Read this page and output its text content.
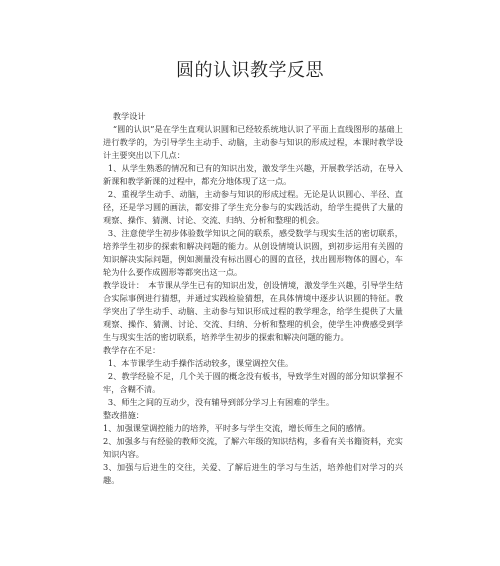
圆的认识教学反思

教学设计

“圆的认识”是在学生直观认识圆和已经较系统地认识了平面上直线图形的基础上进行教学的，为引导学生主动手、动脑，主动参与知识的形成过程，本课时教学设计主要突出以下几点：

1、从学生熟悉的情况和已有的知识出发，激发学生兴趣，开展教学活动，在导入新课和教学新课的过程中，都充分地体现了这一点。

2、重视学生动手、动脑，主动参与知识的形成过程。无论是认识圆心、半径、直径，还是学习圆的画法，都安排了学生充分参与的实践活动，给学生提供了大量的观察、操作、猜测、讨论、交流、归纳、分析和整理的机会。

3、注意使学生初步体验数学知识之间的联系，感受数学与现实生活的密切联系，培养学生初步的探索和解决问题的能力。从创设情境认识圆，到初步运用有关圆的知识解决实际问题，例如测量没有标出圆心的圆的直径，找出圆形物体的圆心，车轮为什么要作成圆形等都突出这一点。

教学设计：　本节课从学生已有的知识出发，创设情境，激发学生兴趣，引导学生结合实际事例进行猜想，并通过实践检验猜想，在具体情境中逐步认识圆的特征。教学突出了学生动手、动脑、主动参与知识形成过程的教学理念，给学生提供了大量观察、操作、猜测、讨论、交流、归纳、分析和整理的机会，使学生冲费感受到学生与现实生活的密切联系，培养学生初步的探索和解决问题的能力。

教学存在不足：

1、本节课学生动手操作活动较多，课堂调控欠佳。

2、教学经验不足，几个关于圆的概念没有板书，导致学生对圆的部分知识掌握不牢，含糊不清。

3、师生之间的互动少，没有辅导到部分学习上有困难的学生。

整改措施：

1、加强课堂调控能力的培养，平时多与学生交流，增长师生之间的感情。

2、加强多与有经验的教师交流，了解六年级的知识结构，多看有关书籍资料，充实知识内容。

3、加强与后进生的交往，关爱、了解后进生的学习与生活，培养他们对学习的兴趣。
